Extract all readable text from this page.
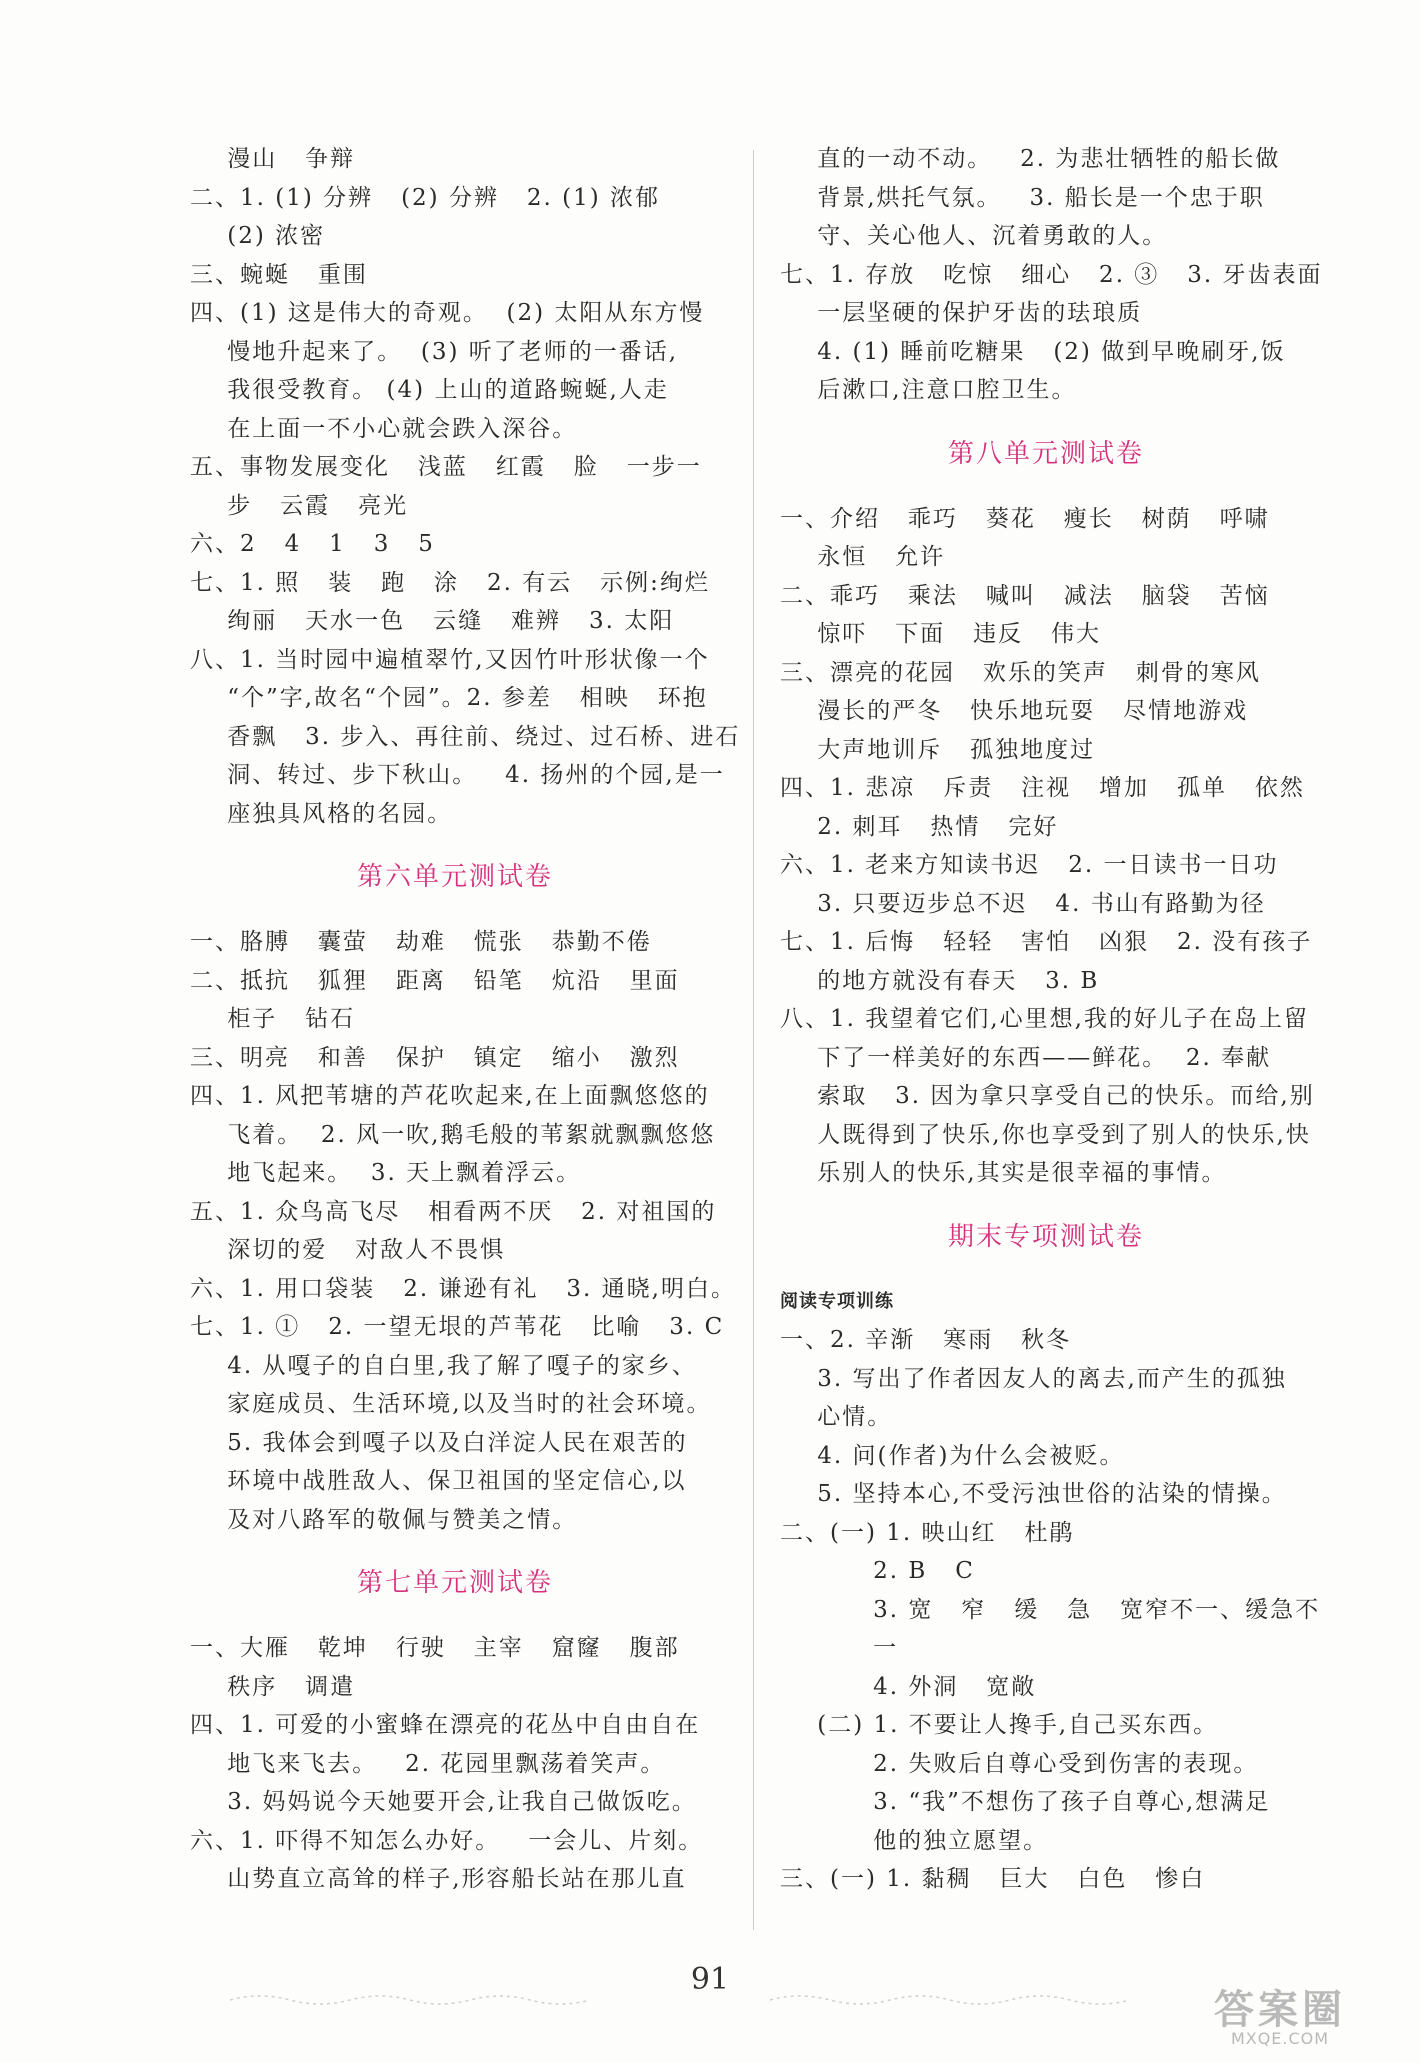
漫山   争辩
二、1. (1) 分辨   (2) 分辨   2. (1) 浓郁
(2) 浓密
三、蜿蜒   重围
四、(1) 这是伟大的奇观。  (2) 太阳从东方慢
慢地升起来了。  (3) 听了老师的一番话,
我很受教育。 (4) 上山的道路蜿蜒,人走
在上面一不小心就会跌入深谷。
五、事物发展变化   浅蓝   红霞   脸   一步一
步   云霞   亮光
六、2   4   1   3   5
七、1. 照   装   跑   涂   2. 有云   示例:绚烂
绚丽   天水一色   云缝   难辨   3. 太阳
八、1. 当时园中遍植翠竹,又因竹叶形状像一个
“个”字,故名“个园”。2. 参差   相映   环抱
香飘   3. 步入、再往前、绕过、过石桥、进石
洞、转过、步下秋山。   4. 扬州的个园,是一
座独具风格的名园。
第六单元测试卷
一、胳膊   囊萤   劫难   慌张   恭勤不倦
二、抵抗   狐狸   距离   铅笔   炕沿   里面
柜子   钻石
三、明亮   和善   保护   镇定   缩小   激烈
四、1. 风把苇塘的芦花吹起来,在上面飘悠悠的
飞着。  2. 风一吹,鹅毛般的苇絮就飘飘悠悠
地飞起来。  3. 天上飘着浮云。
五、1. 众鸟高飞尽   相看两不厌   2. 对祖国的
深切的爱   对敌人不畏惧
六、1. 用口袋装   2. 谦逊有礼   3. 通晓,明白。
七、1. ①   2. 一望无垠的芦苇花   比喻   3. C
4. 从嘎子的自白里,我了解了嘎子的家乡、
家庭成员、生活环境,以及当时的社会环境。
5. 我体会到嘎子以及白洋淀人民在艰苦的
环境中战胜敌人、保卫祖国的坚定信心,以
及对八路军的敬佩与赞美之情。
第七单元测试卷
一、大雁   乾坤   行驶   主宰   窟窿   腹部
秩序   调遣
四、1. 可爱的小蜜蜂在漂亮的花丛中自由自在
地飞来飞去。   2. 花园里飘荡着笑声。
3. 妈妈说今天她要开会,让我自己做饭吃。
六、1. 吓得不知怎么办好。   一会儿、片刻。
山势直立高耸的样子,形容船长站在那儿直
直的一动不动。   2. 为悲壮牺牲的船长做
背景,烘托气氛。   3. 船长是一个忠于职
守、关心他人、沉着勇敢的人。
七、1. 存放   吃惊   细心   2. ③   3. 牙齿表面
一层坚硬的保护牙齿的珐琅质
4. (1) 睡前吃糖果   (2) 做到早晚刷牙,饭
后漱口,注意口腔卫生。
第八单元测试卷
一、介绍   乖巧   葵花   瘦长   树荫   呼啸
永恒   允许
二、乖巧   乘法   喊叫   减法   脑袋   苦恼
惊吓   下面   违反   伟大
三、漂亮的花园   欢乐的笑声   刺骨的寒风
漫长的严冬   快乐地玩耍   尽情地游戏
大声地训斥   孤独地度过
四、1. 悲凉   斥责   注视   增加   孤单   依然
2. 刺耳   热情   完好
六、1. 老来方知读书迟   2. 一日读书一日功
3. 只要迈步总不迟   4. 书山有路勤为径
七、1. 后悔   轻轻   害怕   凶狠   2. 没有孩子
的地方就没有春天   3. B
八、1. 我望着它们,心里想,我的好儿子在岛上留
下了一样美好的东西——鲜花。  2. 奉献
索取   3. 因为拿只享受自己的快乐。而给,别
人既得到了快乐,你也享受到了别人的快乐,快
乐别人的快乐,其实是很幸福的事情。
期末专项测试卷
阅读专项训练
一、2. 辛渐   寒雨   秋冬
3. 写出了作者因友人的离去,而产生的孤独
心情。
4. 问(作者)为什么会被贬。
5. 坚持本心,不受污浊世俗的沾染的情操。
二、(一) 1. 映山红   杜鹃
2. B   C
3. 宽   窄   缓   急   宽窄不一、缓急不
一
4. 外洞   宽敞
(二) 1. 不要让人搀手,自己买东西。
2. 失败后自尊心受到伤害的表现。
3. “我”不想伤了孩子自尊心,想满足
他的独立愿望。
三、(一) 1. 黏稠   巨大   白色   惨白
91
答案圈
MXQE.COM
